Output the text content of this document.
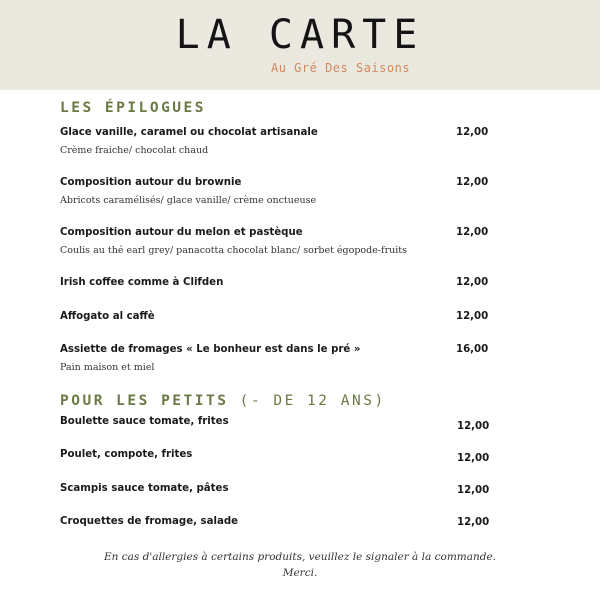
LA CARTE
Au Gré Des Saisons
LES ÉPILOGUES
Glace vanille, caramel ou chocolat artisanale	12,00
Crème fraiche/ chocolat chaud
Composition autour du brownie	12,00
Abricots caramélisés/ glace vanille/ crème onctueuse
Composition autour du melon et pastèque	12,00
Coulis au thé earl grey/ panacotta chocolat blanc/ sorbet égopode-fruits
Irish coffee comme à Clifden	12,00
Affogato al caffè	12,00
Assiette de fromages « Le bonheur est dans le pré »	16,00
Pain maison et miel
POUR LES PETITS (- DE 12 ANS)
Boulette sauce tomate, frites	12,00
Poulet, compote, frites	12,00
Scampis sauce tomate, pâtes	12,00
Croquettes de fromage, salade	12,00
En cas d'allergies à certains produits, veuillez le signaler à la commande.
Merci.
